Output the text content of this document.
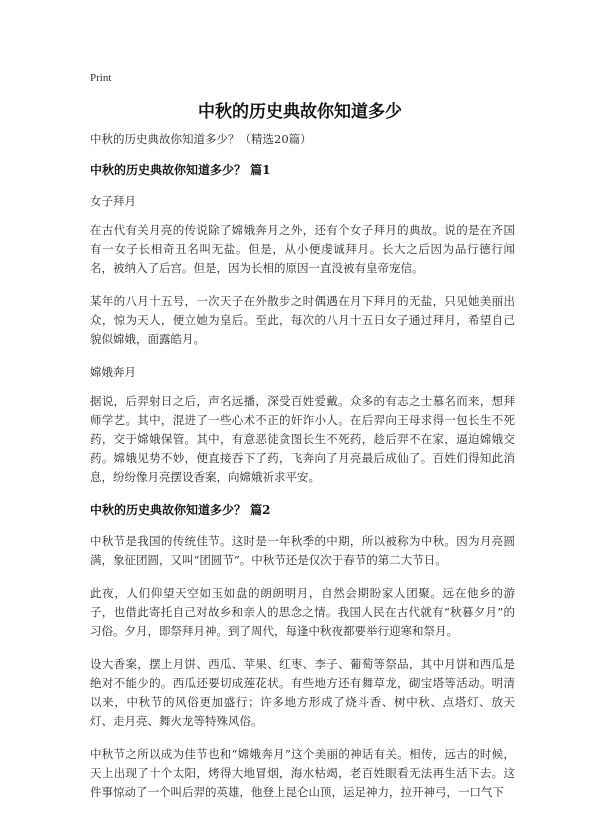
Print
中秋的历史典故你知道多少

中秋的历史典故你知道多少？（精选20篇）

中秋的历史典故你知道多少？ 篇1

女子拜月

在古代有关月亮的传说除了嫦娥奔月之外，还有个女子拜月的典故。说的是在齐国有一女子长相奇丑名叫无盐。但是，从小便虔诚拜月。长大之后因为品行德行闻名，被纳入了后宫。但是，因为长相的原因一直没被有皇帝宠信。

某年的八月十五号，一次天子在外散步之时偶遇在月下拜月的无盐，只见她美丽出众，惊为天人，便立她为皇后。至此，每次的八月十五日女子通过拜月，希望自己貌似嫦娥，面露皓月。

嫦娥奔月

据说，后羿射日之后，声名远播，深受百姓爱戴。众多的有志之士慕名而来，想拜师学艺。其中，混进了一些心术不正的奸诈小人。在后羿向王母求得一包长生不死药，交于嫦娥保管。其中，有意恶徒贪图长生不死药，趁后羿不在家，逼迫嫦娥交药。嫦娥见势不妙，便直接吞下了药，飞奔向了月亮最后成仙了。百姓们得知此消息，纷纷像月亮摆设香案，向嫦娥祈求平安。

中秋的历史典故你知道多少？ 篇2

中秋节是我国的传统佳节。这时是一年秋季的中期，所以被称为中秋。因为月亮圆满，象征团圆，又叫“团圆节”。中秋节还是仅次于春节的第二大节日。

此夜，人们仰望天空如玉如盘的朗朗明月，自然会期盼家人团聚。远在他乡的游子，也借此寄托自己对故乡和亲人的思念之情。我国人民在古代就有“秋暮夕月”的习俗。夕月，即祭拜月神。到了周代，每逢中秋夜都要举行迎寒和祭月。

设大香案，摆上月饼、西瓜、苹果、红枣、李子、葡萄等祭品，其中月饼和西瓜是绝对不能少的。西瓜还要切成莲花状。有些地方还有舞草龙，砌宝塔等活动。明清以来，中秋节的风俗更加盛行；许多地方形成了烧斗香、树中秋、点塔灯、放天灯、走月亮、舞火龙等特殊风俗。

中秋节之所以成为佳节也和“嫦娥奔月”这个美丽的神话有关。相传，远古的时候，天上出现了十个太阳，烤得大地冒烟，海水枯竭，老百姓眼看无法再生活下去。这件事惊动了一个叫后羿的英雄，他登上昆仑山顶，运足神力，拉开神弓，一口气下
